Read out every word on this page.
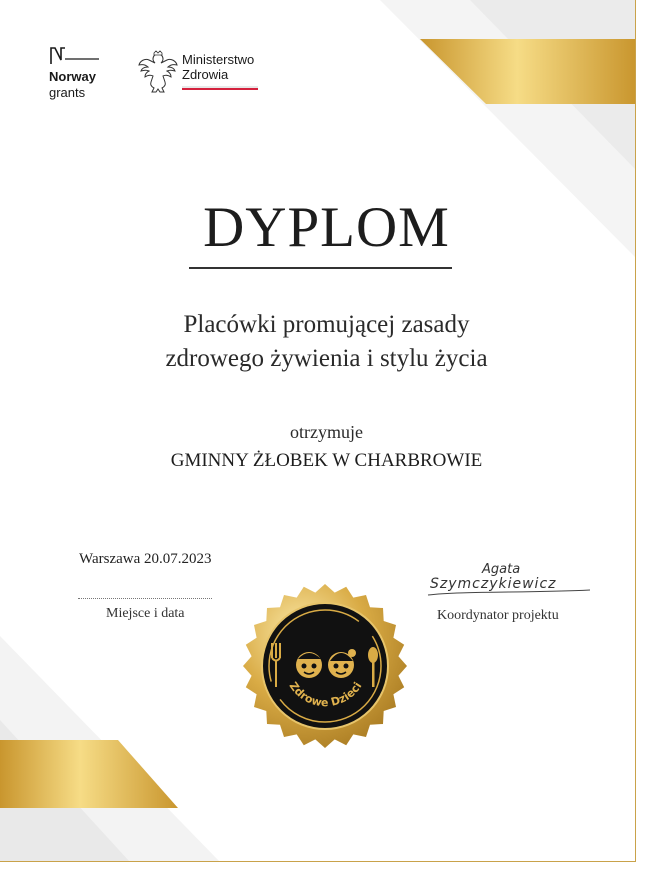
Norway
grants
Ministerstwo
Zdrowia
DYPLOM
Placówki promującej zasady
zdrowego żywienia i stylu życia
otrzymuje
GMINNY ŻŁOBEK W CHARBROWIE
Warszawa 20.07.2023
Miejsce i data
Agata
Szymczykiewicz
Koordynator projektu
Zdrowe Dzieci
